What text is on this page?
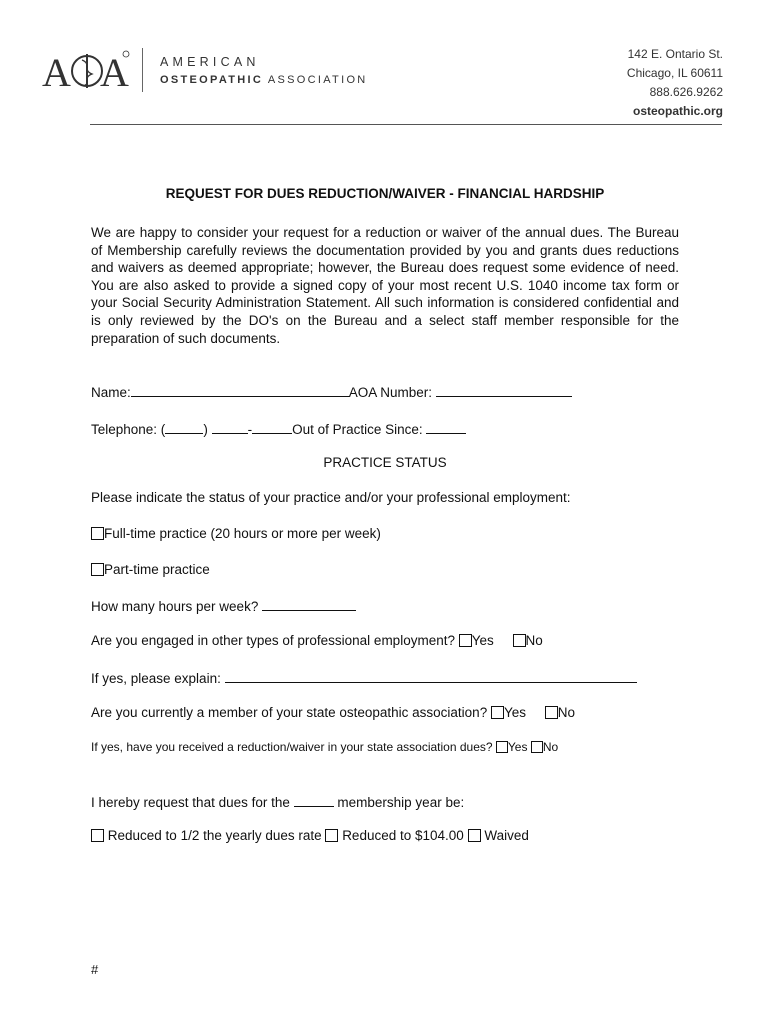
A A AMERICAN
OSTEOPATHIC ASSOCIATION
142 E. Ontario St.
Chicago, IL 60611
888.626.9262
osteopathic.org
REQUEST FOR DUES REDUCTION/WAIVER - FINANCIAL HARDSHIP
We are happy to consider your request for a reduction or waiver of the annual dues. The Bureau of Membership carefully reviews the documentation provided by you and grants dues reductions and waivers as deemed appropriate; however, the Bureau does request some evidence of need. You are also asked to provide a signed copy of your most recent U.S. 1040 income tax form or your Social Security Administration Statement. All such information is considered confidential and is only reviewed by the DO's on the Bureau and a select staff member responsible for the preparation of such documents.
Name:	AOA Number:
Telephone: (	)	-	Out of Practice Since:
PRACTICE STATUS
Please indicate the status of your practice and/or your professional employment:
Full-time practice (20 hours or more per week)
Part-time practice
How many hours per week?
Are you engaged in other types of professional employment? Yes No
If yes, please explain:
Are you currently a member of your state osteopathic association? Yes No
If yes, have you received a reduction/waiver in your state association dues? Yes No
I hereby request that dues for the	membership year be:
Reduced to 1/2 the yearly dues rate Reduced to $104.00 Waived
#
